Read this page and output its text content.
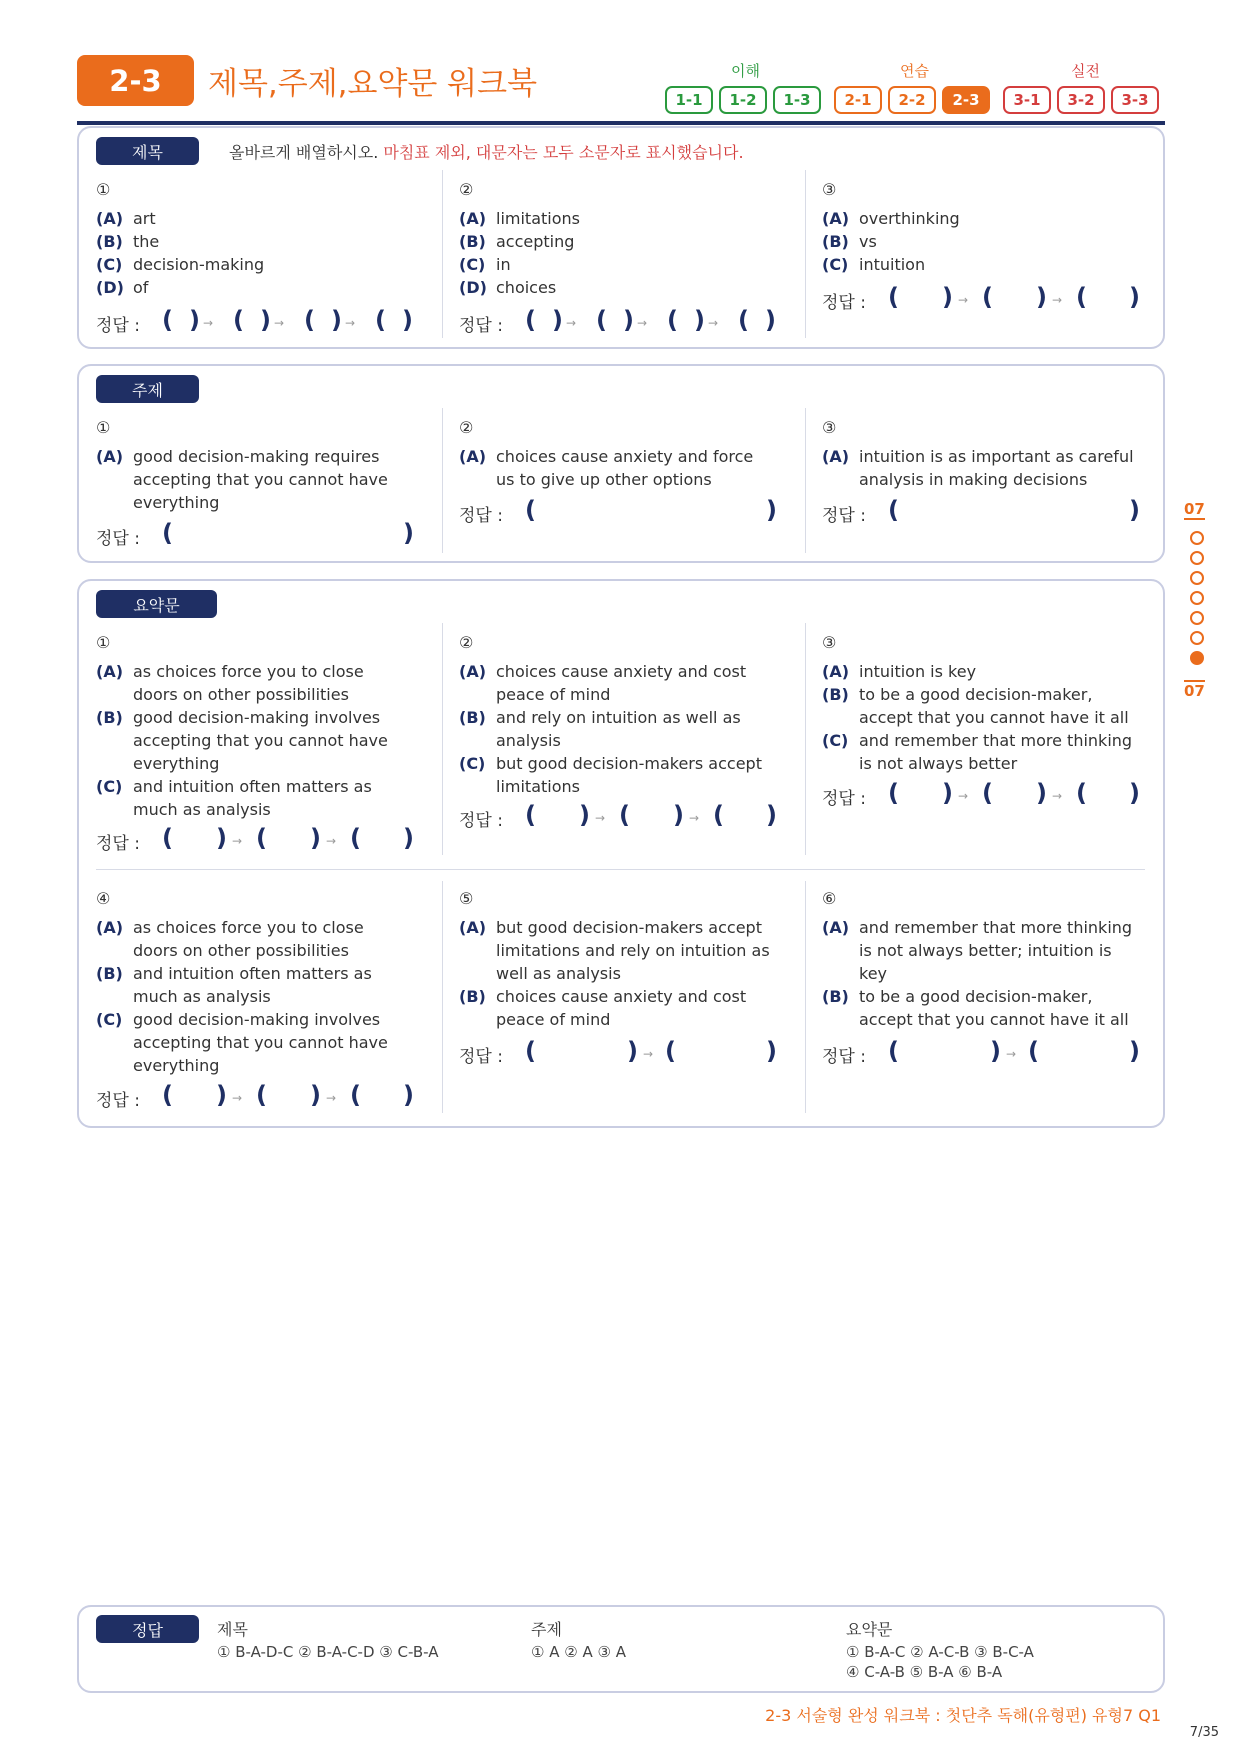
2-3	제목,주제,요약문 워크북	이해	연습	실전
1-1	1-2	1-3	2-1	2-2	2-3	3-1	3-2	3-3
제목	올바르게 배열하시오. 마침표 제외, 대문자는 모두 소문자로 표시했습니다.
①
(A) art
(B) the
(C) decision-making
(D) of
정답 : ( ) → ( ) → ( ) → ( )
②
(A) limitations
(B) accepting
(C) in
(D) choices
정답 : ( ) → ( ) → ( ) → ( )
③
(A) overthinking
(B) vs
(C) intuition
정답 : ( ) → ( ) → ( )
주제
①
(A) good decision-making requires
accepting that you cannot have
everything
정답 : (	)
②
(A) choices cause anxiety and force
us to give up other options
정답 : (	)
③
(A) intuition is as important as careful
analysis in making decisions
정답 : (	)
요약문
①
(A) as choices force you to close
doors on other possibilities
(B) good decision-making involves
accepting that you cannot have
everything
(C) and intuition often matters as
much as analysis
정답 : ( ) → ( ) → ( )
②
(A) choices cause anxiety and cost
peace of mind
(B) and rely on intuition as well as
analysis
(C) but good decision-makers accept
limitations
정답 : ( ) → ( ) → ( )
③
(A) intuition is key
(B) to be a good decision-maker,
accept that you cannot have it all
(C) and remember that more thinking
is not always better
정답 : ( ) → ( ) → ( )
④
(A) as choices force you to close
doors on other possibilities
(B) and intuition often matters as
much as analysis
(C) good decision-making involves
accepting that you cannot have
everything
정답 : ( ) → ( ) → ( )
⑤
(A) but good decision-makers accept
limitations and rely on intuition as
well as analysis
(B) choices cause anxiety and cost
peace of mind
정답 : (	) → (	)
⑥
(A) and remember that more thinking
is not always better; intuition is
key
(B) to be a good decision-maker,
accept that you cannot have it all
정답 : (	) → (	)
07
07
정답	제목
① B-A-D-C ② B-A-C-D ③ C-B-A
주제
① A ② A ③ A
요약문
① B-A-C ② A-C-B ③ B-C-A
④ C-A-B ⑤ B-A ⑥ B-A
2-3 서술형 완성 워크북 : 첫단추 독해(유형편) 유형7 Q1
7/35
